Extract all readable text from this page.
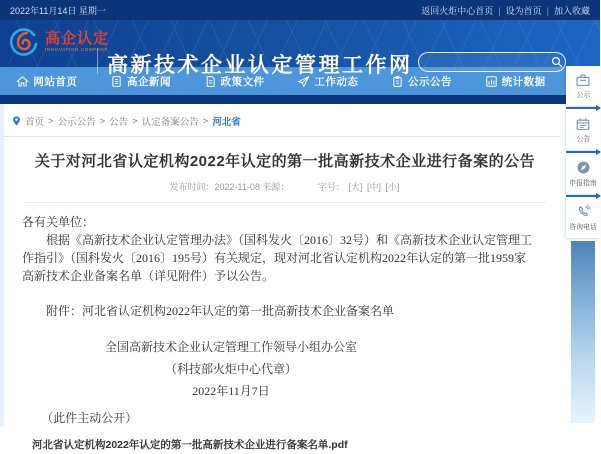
2022年11月14日 星期一	返回火炬中心首页 | 设为首页 | 加入收藏
高企认定
INNOVATION COMPANY
高新技术企业认定管理工作网
网站首页	高企新闻	政策文件	工作动态	公示公告	统计数据
首页 > 公示公告 > 公告 > 认定备案公告 > 河北省
关于对河北省认定机构2022年认定的第一批高新技术企业进行备案的公告
发布时间：2022-11-08 来源：	字号： [大] [中] [小]

各有关单位：

根据《高新技术企业认定管理办法》（国科发火〔2016〕32号）和《高新技术企业认定管理工作指引》（国科发火〔2016〕195号）有关规定，现对河北省认定机构2022年认定的第一批1959家高新技术企业备案名单（详见附件）予以公告。

附件：河北省认定机构2022年认定的第一批高新技术企业备案名单

全国高新技术企业认定管理工作领导小组办公室
（科技部火炬中心代章）
2022年11月7日

（此件主动公开）

河北省认定机构2022年认定的第一批高新技术企业进行备案名单.pdf
公示
公告
申报指南
咨询电话
